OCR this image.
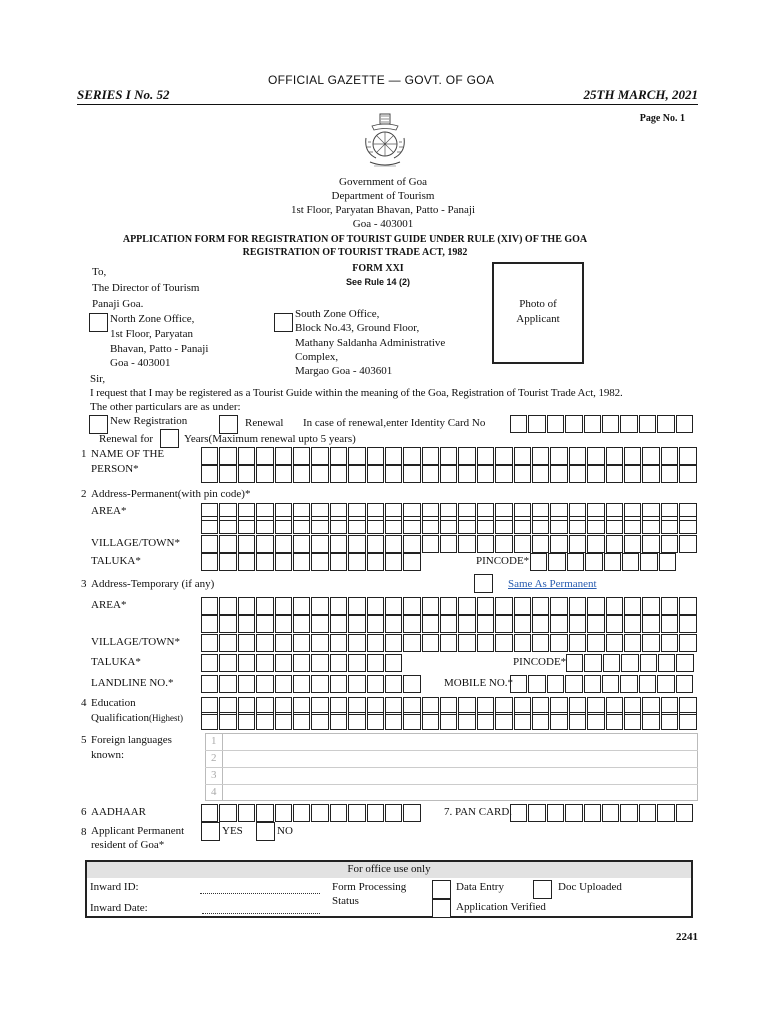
OFFICIAL GAZETTE — GOVT. OF GOA
SERIES I No. 52	25TH MARCH, 2021
Page No. 1
Government of Goa
Department of Tourism
1st Floor, Paryatan Bhavan, Patto - Panaji
Goa - 403001
APPLICATION FORM FOR REGISTRATION OF TOURIST GUIDE UNDER RULE (XIV) OF THE GOA
REGISTRATION OF TOURIST TRADE ACT, 1982
FORM XXI
See Rule 14 (2)
To,
The Director of Tourism
Panaji Goa.	Photo of
Applicant
North Zone Office,
1st Floor, Paryatan
Bhavan, Patto - Panaji
Goa - 403001
South Zone Office,
Block No.43, Ground Floor,
Mathany Saldanha Administrative
Complex,
Margao Goa - 403601
Sir,
I request that I may be registered as a Tourist Guide within the meaning of the Goa, Registration of Tourist Trade Act, 1982.
The other particulars are as under:
New Registration	Renewal In case of renewal,enter Identity Card No
Renewal for	Years(Maximum renewal upto 5 years)
1 NAME OF THE
PERSON*
2 Address-Permanent(with pin code)*
AREA*
VILLAGE/TOWN*
TALUKA*	PINCODE*
3 Address-Temporary (if any)	Same As Permanent
AREA*
VILLAGE/TOWN*
TALUKA*	PINCODE*
LANDLINE NO.*	MOBILE NO.*
4 Education
Qualification(Highest)
5 Foreign languages
known:
1
2
3
4
6 AADHAAR	7. PAN CARD.
8 Applicant Permanent
resident of Goa*
YES	NO
For office use only
Inward ID:
Inward Date:
Form Processing
Status
Data Entry	Doc Uploaded
Application Verified
2241
